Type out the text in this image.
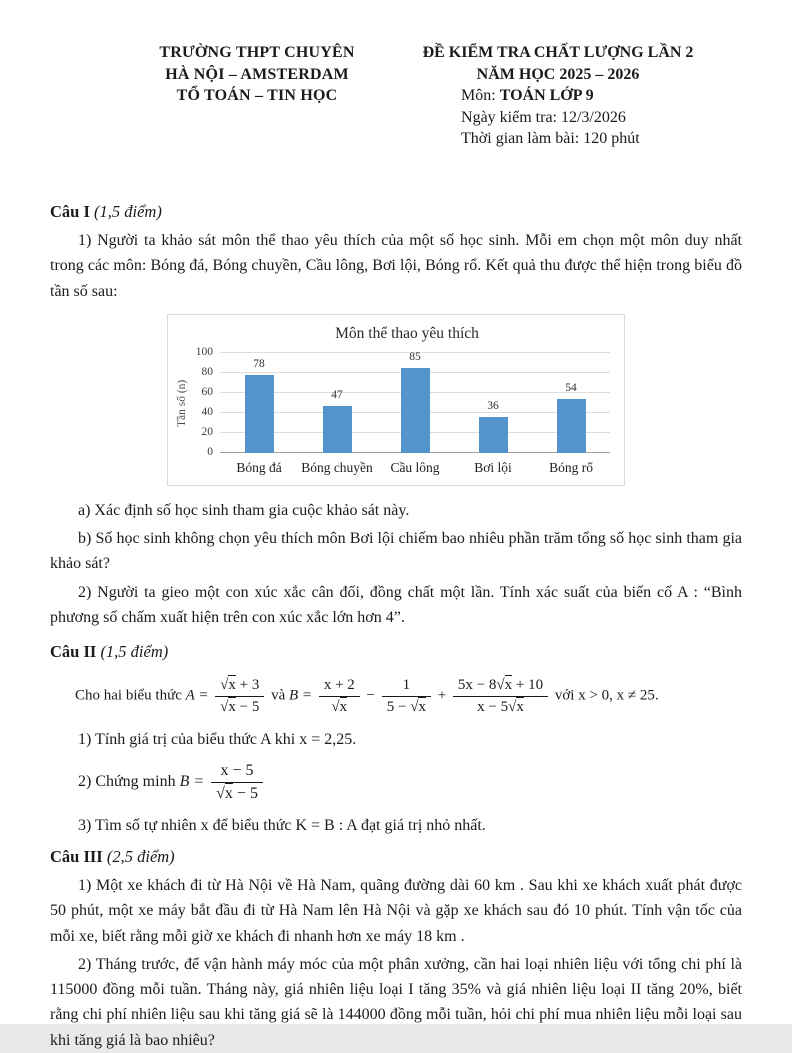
TRƯỜNG THPT CHUYÊN
HÀ NỘI – AMSTERDAM
TỔ TOÁN – TIN HỌC
ĐỀ KIỂM TRA CHẤT LƯỢNG LẦN 2
NĂM HỌC 2025 – 2026
Môn: TOÁN LỚP 9
Ngày kiểm tra: 12/3/2026
Thời gian làm bài: 120 phút
Câu I (1,5 điểm)

1) Người ta khảo sát môn thể thao yêu thích của một số học sinh. Mỗi em chọn một môn duy nhất trong các môn: Bóng đá, Bóng chuyền, Cầu lông, Bơi lội, Bóng rổ. Kết quả thu được thể hiện trong biểu đồ tần số sau:

Môn thể thao yêu thích
Tần số (n)
0
20
40
60
80
100
78
47
85
36
54
Bóng đá	Bóng chuyền	Cầu lông	Bơi lội	Bóng rổ

a) Xác định số học sinh tham gia cuộc khảo sát này.

b) Số học sinh không chọn yêu thích môn Bơi lội chiếm bao nhiêu phần trăm tổng số học sinh tham gia khảo sát?

2) Người ta gieo một con xúc xắc cân đối, đồng chất một lần. Tính xác suất của biến cố A : “Bình phương số chấm xuất hiện trên con xúc xắc lớn hơn 4”.

Câu II (1,5 điểm)
Cho hai biểu thức $A = \frac{√x + 3}{√x - 5}$ và $B = \frac{x + 2}{√x} - \frac{1}{5 - √x} + \frac{5x - 8√x + 10}{x - 5√x}$ với x > 0, x ≠ 25.

1) Tính giá trị của biểu thức A khi x = 2,25.

2) Chứng minh $B = \frac{x - 5}{√x - 5}$

3) Tìm số tự nhiên x để biểu thức K = B : A đạt giá trị nhỏ nhất.

Câu III (2,5 điểm)

1) Một xe khách đi từ Hà Nội về Hà Nam, quãng đường dài 60 km . Sau khi xe khách xuất phát được 50 phút, một xe máy bắt đầu đi từ Hà Nam lên Hà Nội và gặp xe khách sau đó 10 phút. Tính vận tốc của mỗi xe, biết rằng mỗi giờ xe khách đi nhanh hơn xe máy 18 km .

2) Tháng trước, để vận hành máy móc của một phân xưởng, cần hai loại nhiên liệu với tổng chi phí là 115000 đồng mỗi tuần. Tháng này, giá nhiên liệu loại I tăng 35% và giá nhiên liệu loại II tăng 20%, biết rằng chi phí nhiên liệu sau khi tăng giá sẽ là 144000 đồng mỗi tuần, hỏi chi phí mua nhiên liệu mỗi loại sau khi tăng giá là bao nhiêu?
